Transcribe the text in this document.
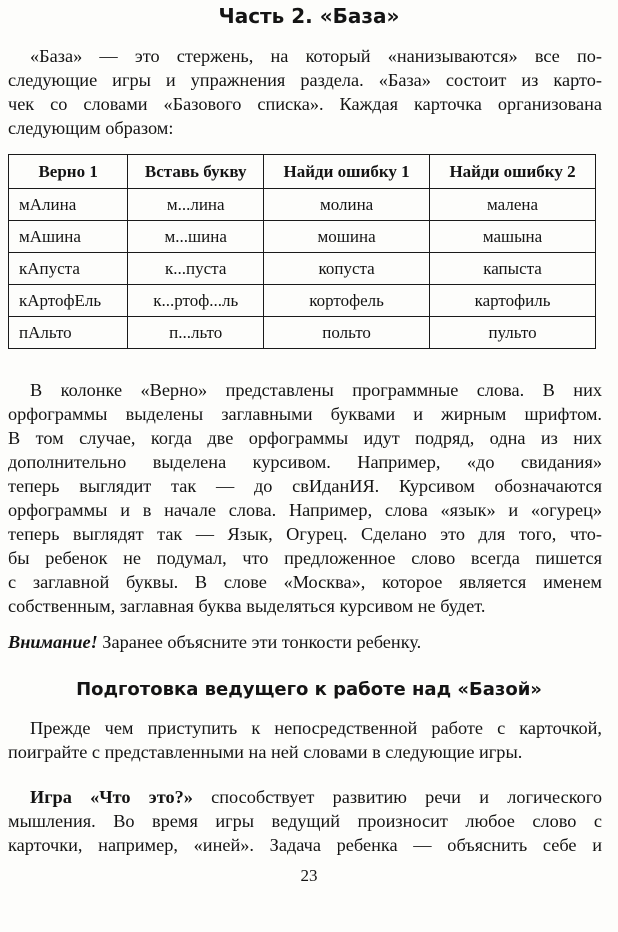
Часть 2. «База»

«База» — это стержень, на который «нанизываются» все по-
следующие игры и упражнения раздела. «База» состоит из карто-
чек со словами «Базового списка». Каждая карточка организована
следующим образом:

Верно 1	Вставь букву	Найди ошибку 1	Найди ошибку 2
мАлина	м...лина	молина	малена
мАшина	м...шина	мошина	машына
кАпуста	к...пуста	копуста	капыста
кАртофЕль	к...ртоф...ль	кортофель	картофиль
пАльто	п...льто	польто	пульто

В колонке «Верно» представлены программные слова. В них
орфограммы выделены заглавными буквами и жирным шрифтом.
В том случае, когда две орфограммы идут подряд, одна из них
дополнительно выделена курсивом. Например, «до свидания»
теперь выглядит так — до свИданИЯ. Курсивом обозначаются
орфограммы и в начале слова. Например, слова «язык» и «огурец»
теперь выглядят так — Язык, Огурец. Сделано это для того, что-
бы ребенок не подумал, что предложенное слово всегда пишется
с заглавной буквы. В слове «Москва», которое является именем
собственным, заглавная буква выделяться курсивом не будет.

Внимание! Заранее объясните эти тонкости ребенку.

Подготовка ведущего к работе над «Базой»

Прежде чем приступить к непосредственной работе с карточкой,
поиграйте с представленными на ней словами в следующие игры.

Игра «Что это?» способствует развитию речи и логического
мышления. Во время игры ведущий произносит любое слово с
карточки, например, «иней». Задача ребенка — объяснить себе и

23
